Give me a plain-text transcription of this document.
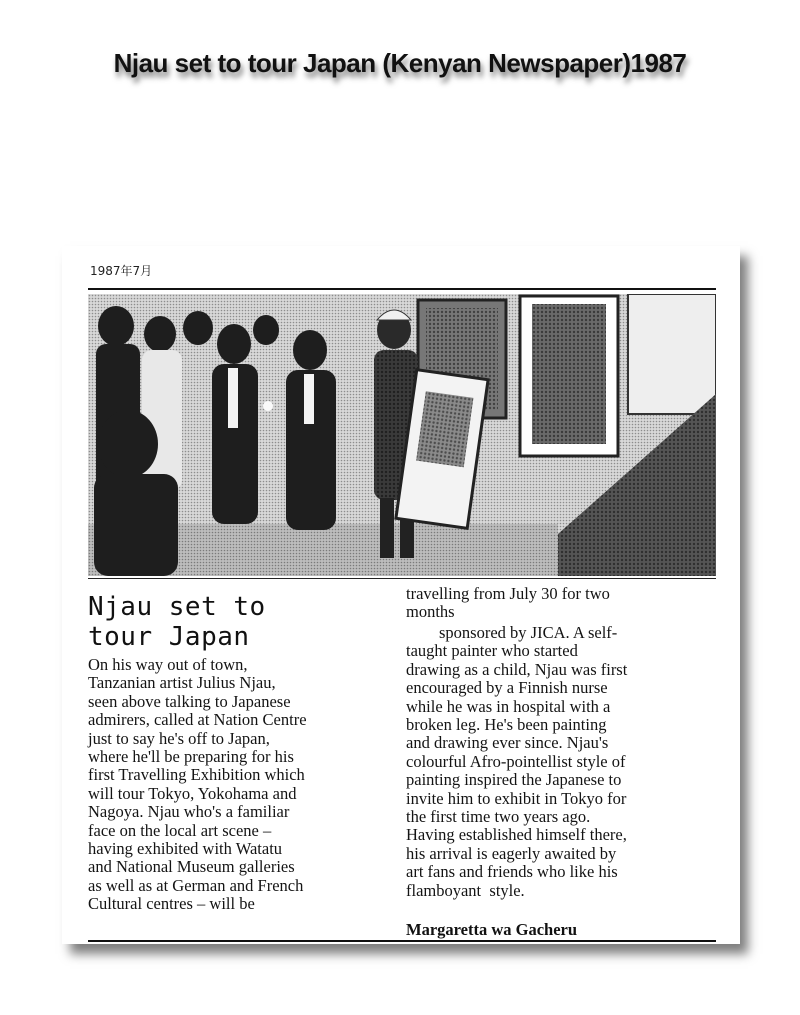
Njau set to tour Japan (Kenyan Newspaper)1987
1987年7月
Njau set to
tour Japan

On his way out of town,
Tanzanian artist Julius Njau,
seen above talking to Japanese
admirers, called at Nation Centre
just to say he's off to Japan,
where he'll be preparing for his
first Travelling Exhibition which
will tour Tokyo, Yokohama and
Nagoya. Njau who's a familiar
face on the local art scene –
having exhibited with Watatu
and National Museum galleries
as well as at German and French
Cultural centres – will be

travelling from July 30 for two
months

sponsored by JICA. A self-
taught painter who started
drawing as a child, Njau was first
encouraged by a Finnish nurse
while he was in hospital with a
broken leg. He's been painting
and drawing ever since. Njau's
colourful Afro-pointellist style of
painting inspired the Japanese to
invite him to exhibit in Tokyo for
the first time two years ago.
Having established himself there,
his arrival is eagerly awaited by
art fans and friends who like his
flamboyant  style.

Margaretta wa Gacheru
